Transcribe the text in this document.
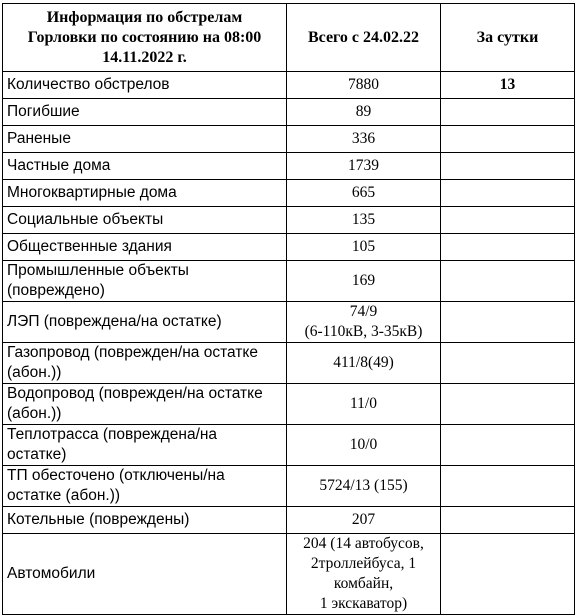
Информация по обстрелам
Горловки по состоянию на 08:00
14.11.2022 г.	Всего с 24.02.22	За сутки

Количество обстрелов	7880	13

Погибшие	89	

Раненые	336	

Частные дома	1739	

Многоквартирные дома	665	

Социальные объекты	135	

Общественные здания	105	

Промышленные объекты
(повреждено)	169	

ЛЭП (повреждена/на остатке)	74/9
(6-110кВ, 3-35кВ)	

Газопровод (поврежден/на остатке
(абон.))	411/8(49)	

Водопровод (поврежден/на остатке
(абон.))	11/0	

Теплотрасса (повреждена/на
остатке)	10/0	

ТП обесточено (отключены/на
остатке (абон.))	5724/13 (155)	

Котельные (повреждены)	207	

Автомобили	204 (14 автобусов,
2троллейбуса, 1
комбайн,
1 экскаватор)	
